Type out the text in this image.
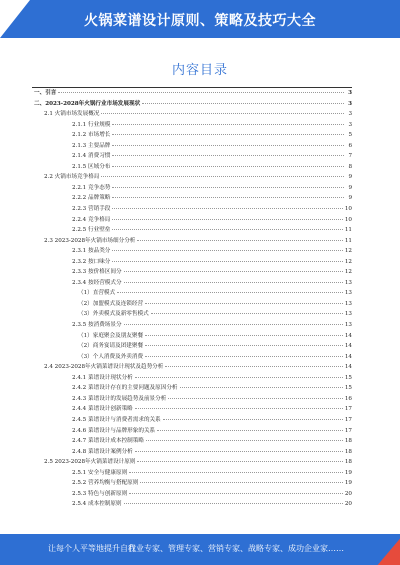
火锅菜谱设计原则、策略及技巧大全
内容目录
一、引言	3
二、2023-2028年火锅行业市场发展现状	3
2.1 火锅市场发展概况	3
2.1.1 行业规模	3
2.1.2 市场增长	5
2.1.3 主要品牌	6
2.1.4 消费习惯	7
2.1.5 区域分布	8
2.2 火锅市场竞争格局	9
2.2.1 竞争态势	9
2.2.2 品牌策略	9
2.2.3 营销手段	10
2.2.4 竞争格局	10
2.2.5 行业壁垒	11
2.3 2023-2028年火锅市场细分分析	11
2.3.1 按品类分	12
2.3.2 按口味分	12
2.3.3 按价格区间分	12
2.3.4 按经营模式分	13
（1）直营模式	13
（2）加盟模式及连锁经营	13
（3）外卖模式及新零售模式	13
2.3.5 按消费场景分	13
（1）家庭聚会及朋友聚餐	14
（2）商务宴请及团建聚餐	14
（3）个人消费及外卖消费	14
2.4 2023-2028年火锅菜谱设计现状及趋势分析	14
2.4.1 菜谱设计现状分析	15
2.4.2 菜谱设计存在的主要问题及原因分析	15
2.4.3 菜谱设计的发展趋势及前景分析	16
2.4.4 菜谱设计创新策略	17
2.4.5 菜谱设计与消费者需求的关系	17
2.4.6 菜谱设计与品牌形象的关系	17
2.4.7 菜谱设计成本控制策略	18
2.4.8 菜谱设计案例分析	18
2.5 2023-2028年火锅菜谱设计原则	18
2.5.1 安全与健康原则	19
2.5.2 营养均衡与搭配原则	19
2.5.3 特色与创新原则	20
2.5.4 成本控制原则	20
让每个人平等地提升自我
行业专家、管理专家、营销专家、战略专家、成功企业家……
